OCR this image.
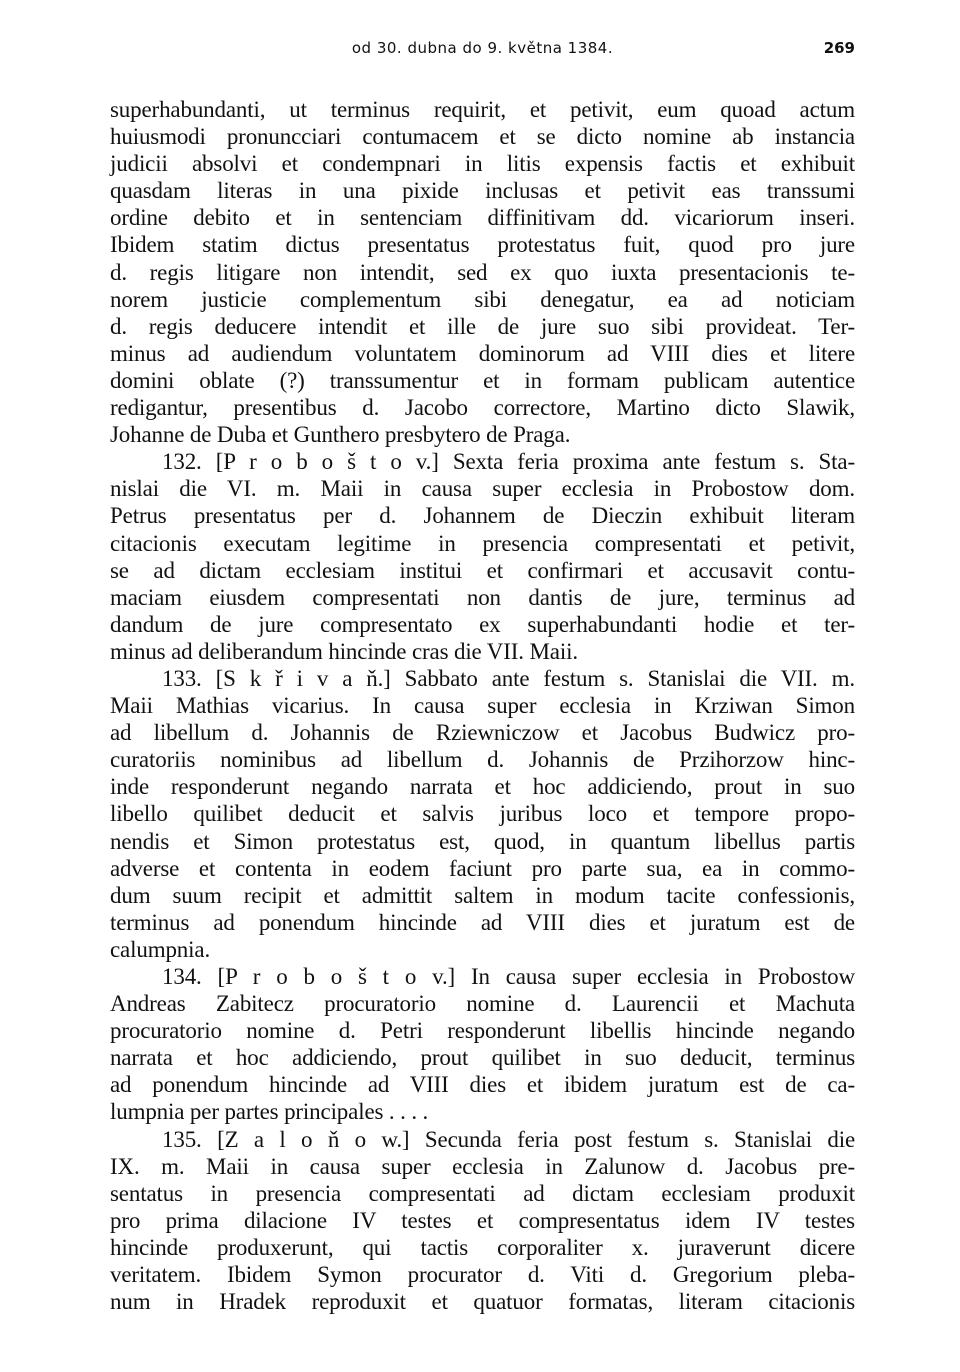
od 30. dubna do 9. května 1384.	269
superhabundanti, ut terminus requirit, et petivit, eum quoad actum
huiusmodi pronuncciari contumacem et se dicto nomine ab instancia
judicii absolvi et condempnari in litis expensis factis et exhibuit
quasdam literas in una pixide inclusas et petivit eas transsumi
ordine debito et in sentenciam diffinitivam dd. vicariorum inseri.
Ibidem statim dictus presentatus protestatus fuit, quod pro jure
d. regis litigare non intendit, sed ex quo iuxta presentacionis te-
norem justicie complementum sibi denegatur, ea ad noticiam
d. regis deducere intendit et ille de jure suo sibi provideat. Ter-
minus ad audiendum voluntatem dominorum ad VIII dies et litere
domini oblate (?) transsumentur et in formam publicam autentice
redigantur, presentibus d. Jacobo correctore, Martino dicto Slawik,
Johanne de Duba et Gunthero presbytero de Praga.
132. [P r o b o š t o v.] Sexta feria proxima ante festum s. Sta-
nislai die VI. m. Maii in causa super ecclesia in Probostow dom.
Petrus presentatus per d. Johannem de Dieczin exhibuit literam
citacionis executam legitime in presencia compresentati et petivit,
se ad dictam ecclesiam institui et confirmari et accusavit contu-
maciam eiusdem compresentati non dantis de jure, terminus ad
dandum de jure compresentato ex superhabundanti hodie et ter-
minus ad deliberandum hincinde cras die VII. Maii.
133. [S k ř i v a ň.] Sabbato ante festum s. Stanislai die VII. m.
Maii Mathias vicarius. In causa super ecclesia in Krziwan Simon
ad libellum d. Johannis de Rziewniczow et Jacobus Budwicz pro-
curatoriis nominibus ad libellum d. Johannis de Przihorzow hinc-
inde responderunt negando narrata et hoc addiciendo, prout in suo
libello quilibet deducit et salvis juribus loco et tempore propo-
nendis et Simon protestatus est, quod, in quantum libellus partis
adverse et contenta in eodem faciunt pro parte sua, ea in commo-
dum suum recipit et admittit saltem in modum tacite confessionis,
terminus ad ponendum hincinde ad VIII dies et juratum est de
calumpnia.
134. [P r o b o š t o v.] In causa super ecclesia in Probostow
Andreas Zabitecz procuratorio nomine d. Laurencii et Machuta
procuratorio nomine d. Petri responderunt libellis hincinde negando
narrata et hoc addiciendo, prout quilibet in suo deducit, terminus
ad ponendum hincinde ad VIII dies et ibidem juratum est de ca-
lumpnia per partes principales . . . .
135. [Z a l o ň o w.] Secunda feria post festum s. Stanislai die
IX. m. Maii in causa super ecclesia in Zalunow d. Jacobus pre-
sentatus in presencia compresentati ad dictam ecclesiam produxit
pro prima dilacione IV testes et compresentatus idem IV testes
hincinde produxerunt, qui tactis corporaliter x. juraverunt dicere
veritatem. Ibidem Symon procurator d. Viti d. Gregorium pleba-
num in Hradek reproduxit et quatuor formatas, literam citacionis
